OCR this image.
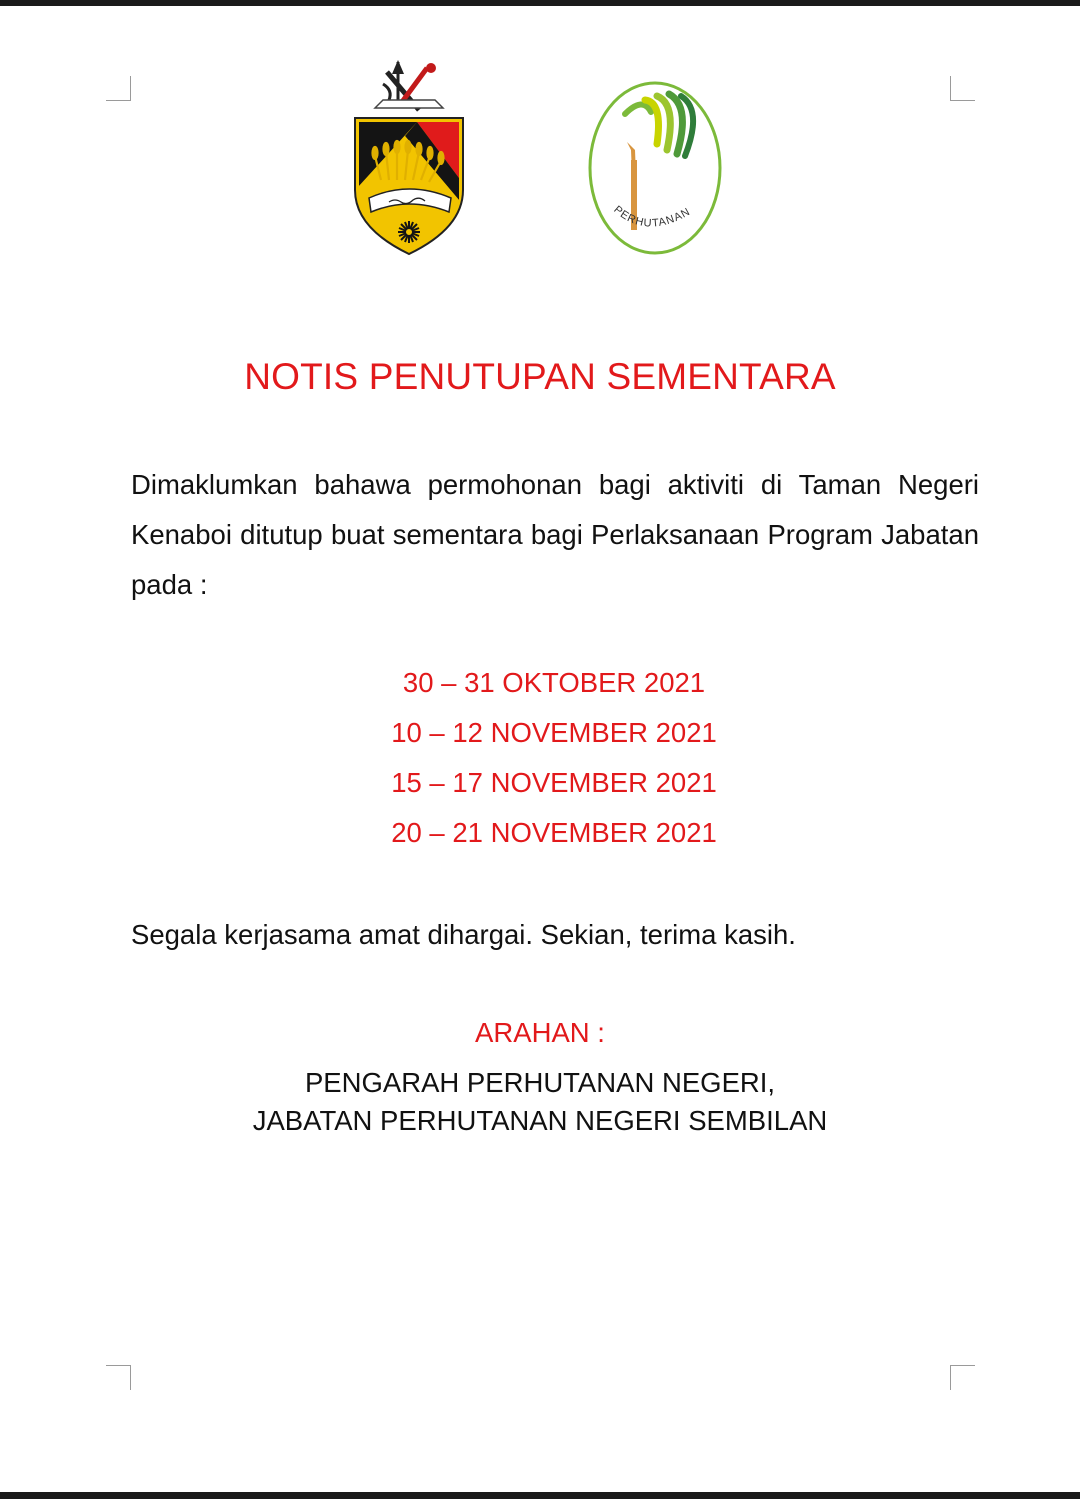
PERHUTANAN
NOTIS PENUTUPAN SEMENTARA
Dimaklumkan bahawa permohonan bagi aktiviti di Taman Negeri Kenaboi ditutup buat sementara bagi Perlaksanaan Program Jabatan pada :
30 – 31 OKTOBER 2021
10 – 12 NOVEMBER 2021
15 – 17 NOVEMBER 2021
20 – 21 NOVEMBER 2021
Segala kerjasama amat dihargai. Sekian, terima kasih.
ARAHAN :
PENGARAH PERHUTANAN NEGERI,
JABATAN PERHUTANAN NEGERI SEMBILAN
